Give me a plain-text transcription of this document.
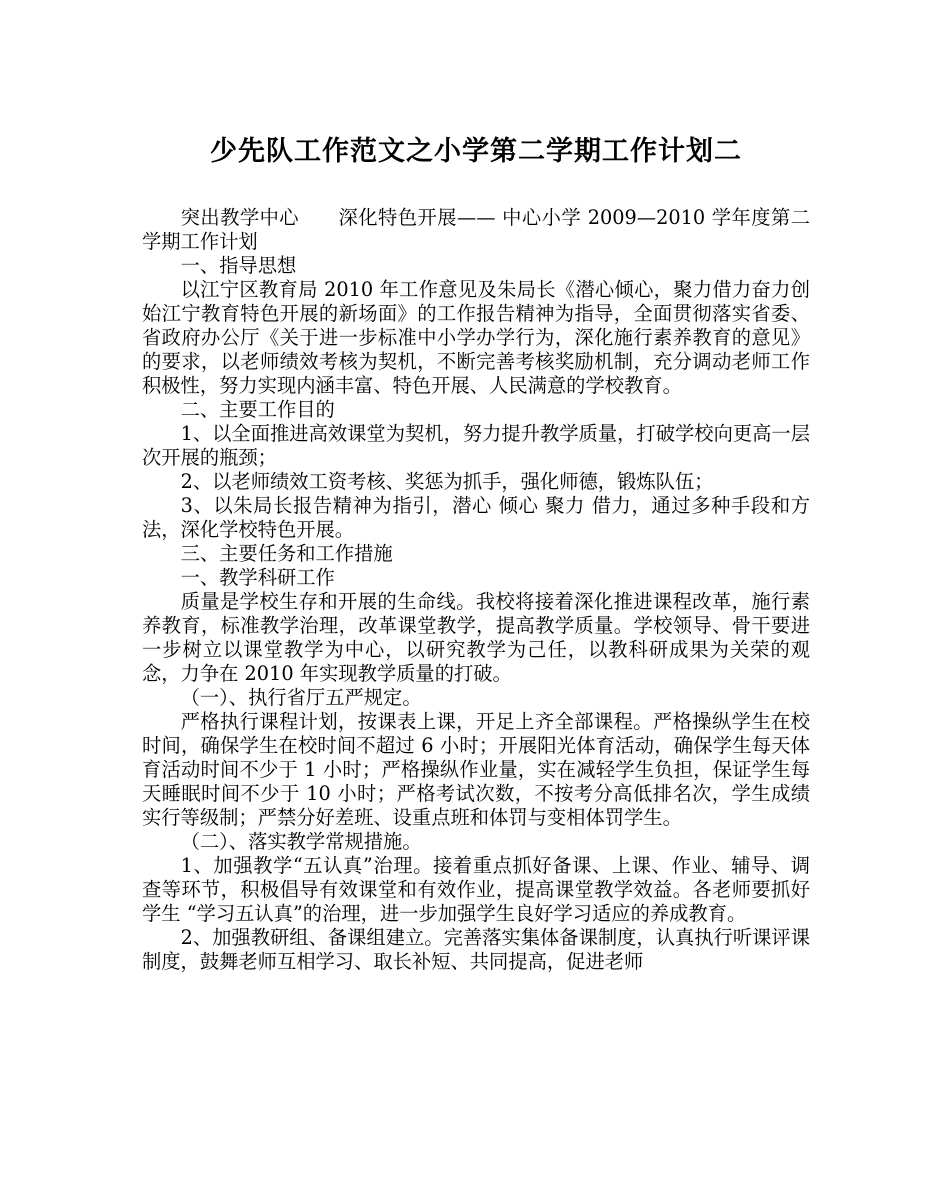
少先队工作范文之小学第二学期工作计划二

突出教学中心　　深化特色开展—— 中心小学 2009—2010 学年度第二学期工作计划

一、指导思想

以江宁区教育局 2010 年工作意见及朱局长《潜心倾心，聚力借力奋力创始江宁教育特色开展的新场面》的工作报告精神为指导，全面贯彻落实省委、省政府办公厅《关于进一步标准中小学办学行为，深化施行素养教育的意见》的要求，以老师绩效考核为契机，不断完善考核奖励机制，充分调动老师工作积极性，努力实现内涵丰富、特色开展、人民满意的学校教育。

二、主要工作目的

1、以全面推进高效课堂为契机，努力提升教学质量，打破学校向更高一层次开展的瓶颈；

2、以老师绩效工资考核、奖惩为抓手，强化师德，锻炼队伍；

3、以朱局长报告精神为指引，潜心 倾心 聚力 借力，通过多种手段和方法，深化学校特色开展。

三、主要任务和工作措施

一、教学科研工作

质量是学校生存和开展的生命线。我校将接着深化推进课程改革，施行素养教育，标准教学治理，改革课堂教学，提高教学质量。学校领导、骨干要进一步树立以课堂教学为中心，以研究教学为己任，以教科研成果为关荣的观念，力争在 2010 年实现教学质量的打破。

（一）、执行省厅五严规定。

严格执行课程计划，按课表上课，开足上齐全部课程。严格操纵学生在校时间，确保学生在校时间不超过 6 小时；开展阳光体育活动，确保学生每天体育活动时间不少于 1 小时；严格操纵作业量，实在减轻学生负担，保证学生每天睡眠时间不少于 10 小时；严格考试次数，不按考分高低排名次，学生成绩实行等级制；严禁分好差班、设重点班和体罚与变相体罚学生。

（二）、落实教学常规措施。

1、加强教学“五认真”治理。接着重点抓好备课、上课、作业、辅导、调查等环节，积极倡导有效课堂和有效作业，提高课堂教学效益。各老师要抓好学生 “学习五认真”的治理，进一步加强学生良好学习适应的养成教育。

2、加强教研组、备课组建立。完善落实集体备课制度，认真执行听课评课制度，鼓舞老师互相学习、取长补短、共同提高，促进老师
